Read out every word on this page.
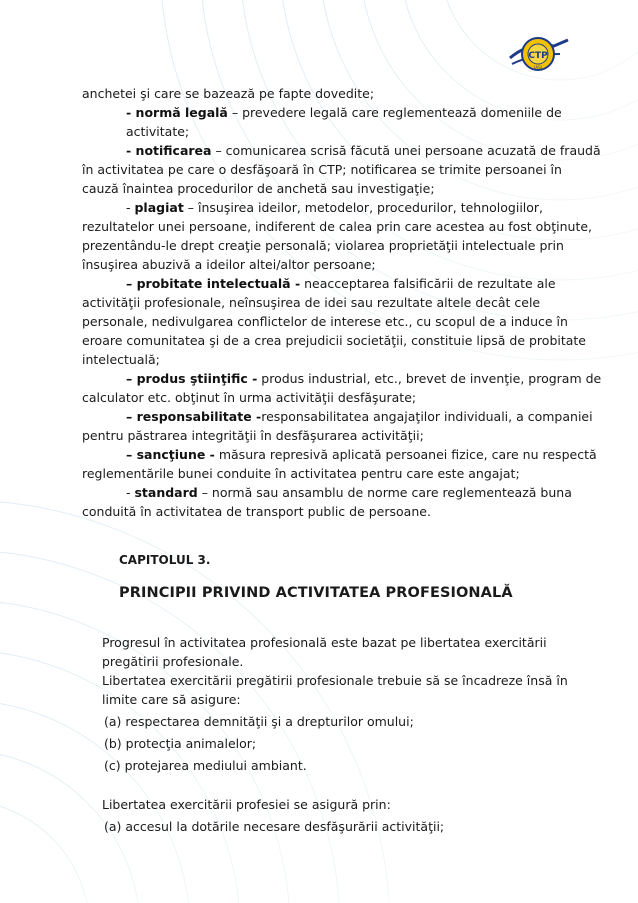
CTP
IAŞI

anchetei şi care se bazează pe fapte dovedite;

- normă legală – prevedere legală care reglementează domeniile de activitate;

- notificarea – comunicarea scrisă făcută unei persoane acuzată de fraudă în activitatea pe care o desfăşoară în CTP; notificarea se trimite persoanei în cauză înaintea procedurilor de anchetă sau investigaţie;

- plagiat – însuşirea ideilor, metodelor, procedurilor, tehnologiilor, rezultatelor unei persoane, indiferent de calea prin care acestea au fost obţinute, prezentându-le drept creaţie personală; violarea proprietăţii intelectuale prin însuşirea abuzivă a ideilor altei/altor persoane;

– probitate intelectuală - neacceptarea falsificării de rezultate ale activităţii profesionale, neînsuşirea de idei sau rezultate altele decât cele personale, nedivulgarea conflictelor de interese etc., cu scopul de a induce în eroare comunitatea şi de a crea prejudicii societăţii, constituie lipsă de probitate intelectuală;

– produs ştiinţific - produs industrial, etc., brevet de invenţie, program de calculator etc. obţinut în urma activităţii desfăşurate;

– responsabilitate -responsabilitatea angajaţilor individuali, a companiei pentru păstrarea integrităţii în desfăşurarea activităţii;

– sancţiune - măsura represivă aplicată persoanei fizice, care nu respectă reglementările bunei conduite în activitatea pentru care este angajat;

- standard – normă sau ansamblu de norme care reglementează buna conduită în activitatea de transport public de persoane.

CAPITOLUL 3.

PRINCIPII PRIVIND ACTIVITATEA PROFESIONALĂ

Progresul în activitatea profesională este bazat pe libertatea exercitării pregătirii profesionale.

Libertatea exercitării pregătirii profesionale trebuie să se încadreze însă în limite care să asigure:

(a) respectarea demnităţii şi a drepturilor omului;

(b) protecţia animalelor;

(c) protejarea mediului ambiant.

Libertatea exercitării profesiei se asigură prin:

(a) accesul la dotările necesare desfăşurării activităţii;
